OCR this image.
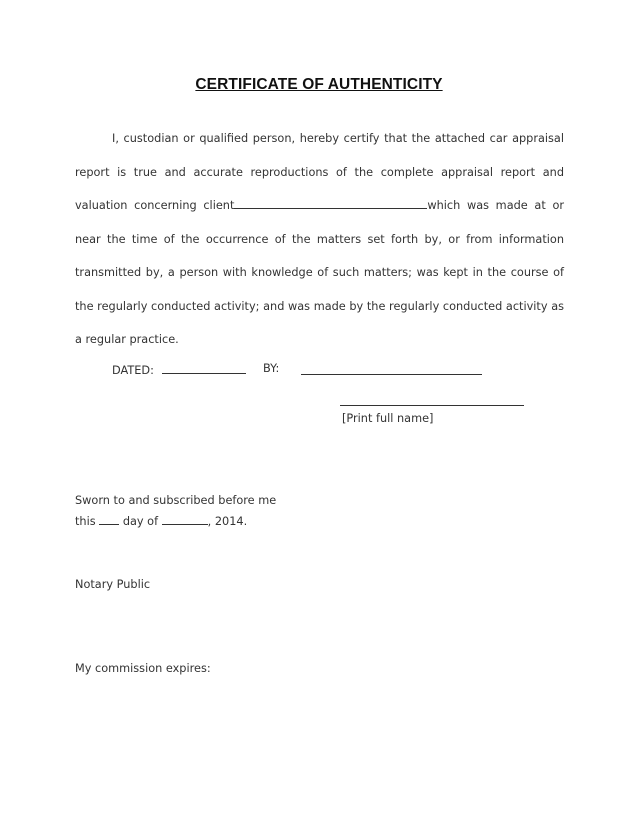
CERTIFICATE OF AUTHENTICITY
I, custodian or qualified person, hereby certify that the attached car appraisal report is true and accurate reproductions of the complete appraisal report and valuation concerning client	which was made at or near the time of the occurrence of the matters set forth by, or from information transmitted by, a person with knowledge of such matters; was kept in the course of the regularly conducted activity; and was made by the regularly conducted activity as a regular practice.
DATED:	BY:
[Print full name]
Sworn to and subscribed before me
this day of	, 2014.
Notary Public
My commission expires:
